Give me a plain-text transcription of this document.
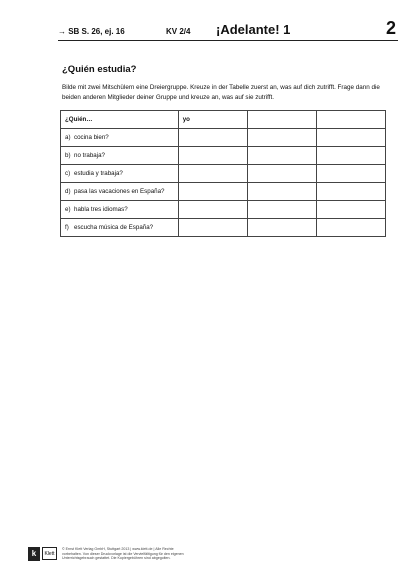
→ SB S. 26, ej. 16	KV 2/4 ¡Adelante! 1	2
¿Quién estudia?
Bilde mit zwei Mitschülern eine Dreiergruppe. Kreuze in der Tabelle zuerst an, was auf dich zutrifft. Frage dann die beiden anderen Mitglieder deiner Gruppe und kreuze an, was auf sie zutrifft.
¿Quién…	yo		
a) cocina bien?			
b) no trabaja?			
c) estudia y trabaja?			
d) pasa las vacaciones en España?			
e) habla tres idiomas?			
f) escucha música de España?			
k	Klett
© Ernst Klett Verlag GmbH, Stuttgart 2013 | www.klett.de | Alle Rechte
vorbehalten. Von dieser Druckvorlage ist die Vervielfältigung für den eigenen
Unterrichtsgebrauch gestattet. Die Kopiergebühren sind abgegolten.
